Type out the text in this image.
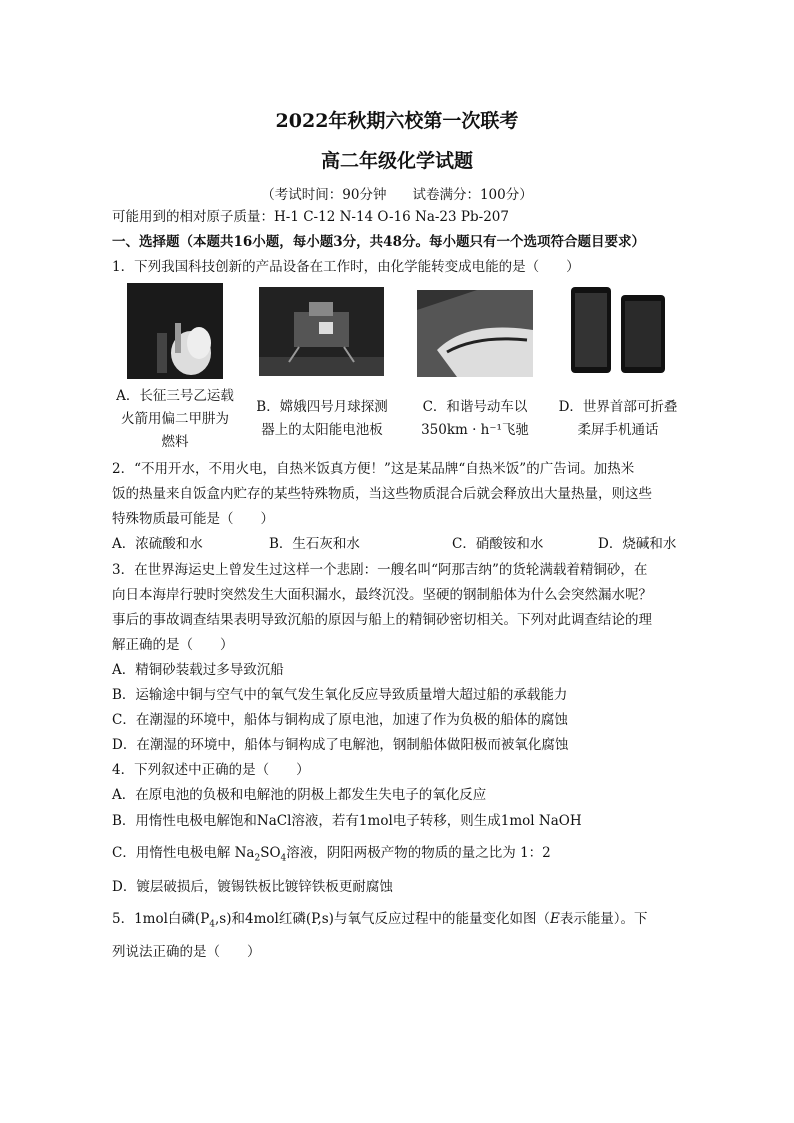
2022年秋期六校第一次联考
高二年级化学试题
（考试时间：90分钟 试卷满分：100分）
可能用到的相对原子质量：H-1 C-12 N-14 O-16 Na-23 Pb-207
一、选择题（本题共16小题，每小题3分，共48分。每小题只有一个选项符合题目要求）
1．下列我国科技创新的产品设备在工作时，由化学能转变成电能的是（　　）
A．长征三号乙运载
火箭用偏二甲肼为
燃料
B．嫦娥四号月球探测
器上的太阳能电池板
C．和谐号动车以
350km · h⁻¹飞驰
D．世界首部可折叠
柔屏手机通话
2．“不用开水，不用火电，自热米饭真方便！”这是某品牌“自热米饭”的广告词。加热米
饭的热量来自饭盒内贮存的某些特殊物质，当这些物质混合后就会释放出大量热量，则这些
特殊物质最可能是（　　）
A．浓硫酸和水	B．生石灰和水	C．硝酸铵和水	D．烧碱和水
3．在世界海运史上曾发生过这样一个悲剧：一艘名叫“阿那吉纳”的货轮满载着精铜砂，在
向日本海岸行驶时突然发生大面积漏水，最终沉没。坚硬的钢制船体为什么会突然漏水呢？
事后的事故调查结果表明导致沉船的原因与船上的精铜砂密切相关。下列对此调查结论的理
解正确的是（　　）
A．精铜砂装载过多导致沉船
B．运输途中铜与空气中的氧气发生氧化反应导致质量增大超过船的承载能力
C．在潮湿的环境中，船体与铜构成了原电池，加速了作为负极的船体的腐蚀
D．在潮湿的环境中，船体与铜构成了电解池，钢制船体做阳极而被氧化腐蚀
4．下列叙述中正确的是（　　）
A．在原电池的负极和电解池的阴极上都发生失电子的氧化反应
B．用惰性电极电解饱和NaCl溶液，若有1mol电子转移，则生成1mol NaOH
C．用惰性电极电解 $Na_2SO_4$溶液，阴阳两极产物的物质的量之比为 1：2
D．镀层破损后，镀锡铁板比镀锌铁板更耐腐蚀
5．1mol白磷$(P_4,s)$和4mol红磷(P,s)与氧气反应过程中的能量变化如图（E表示能量）。下
列说法正确的是（　　）
